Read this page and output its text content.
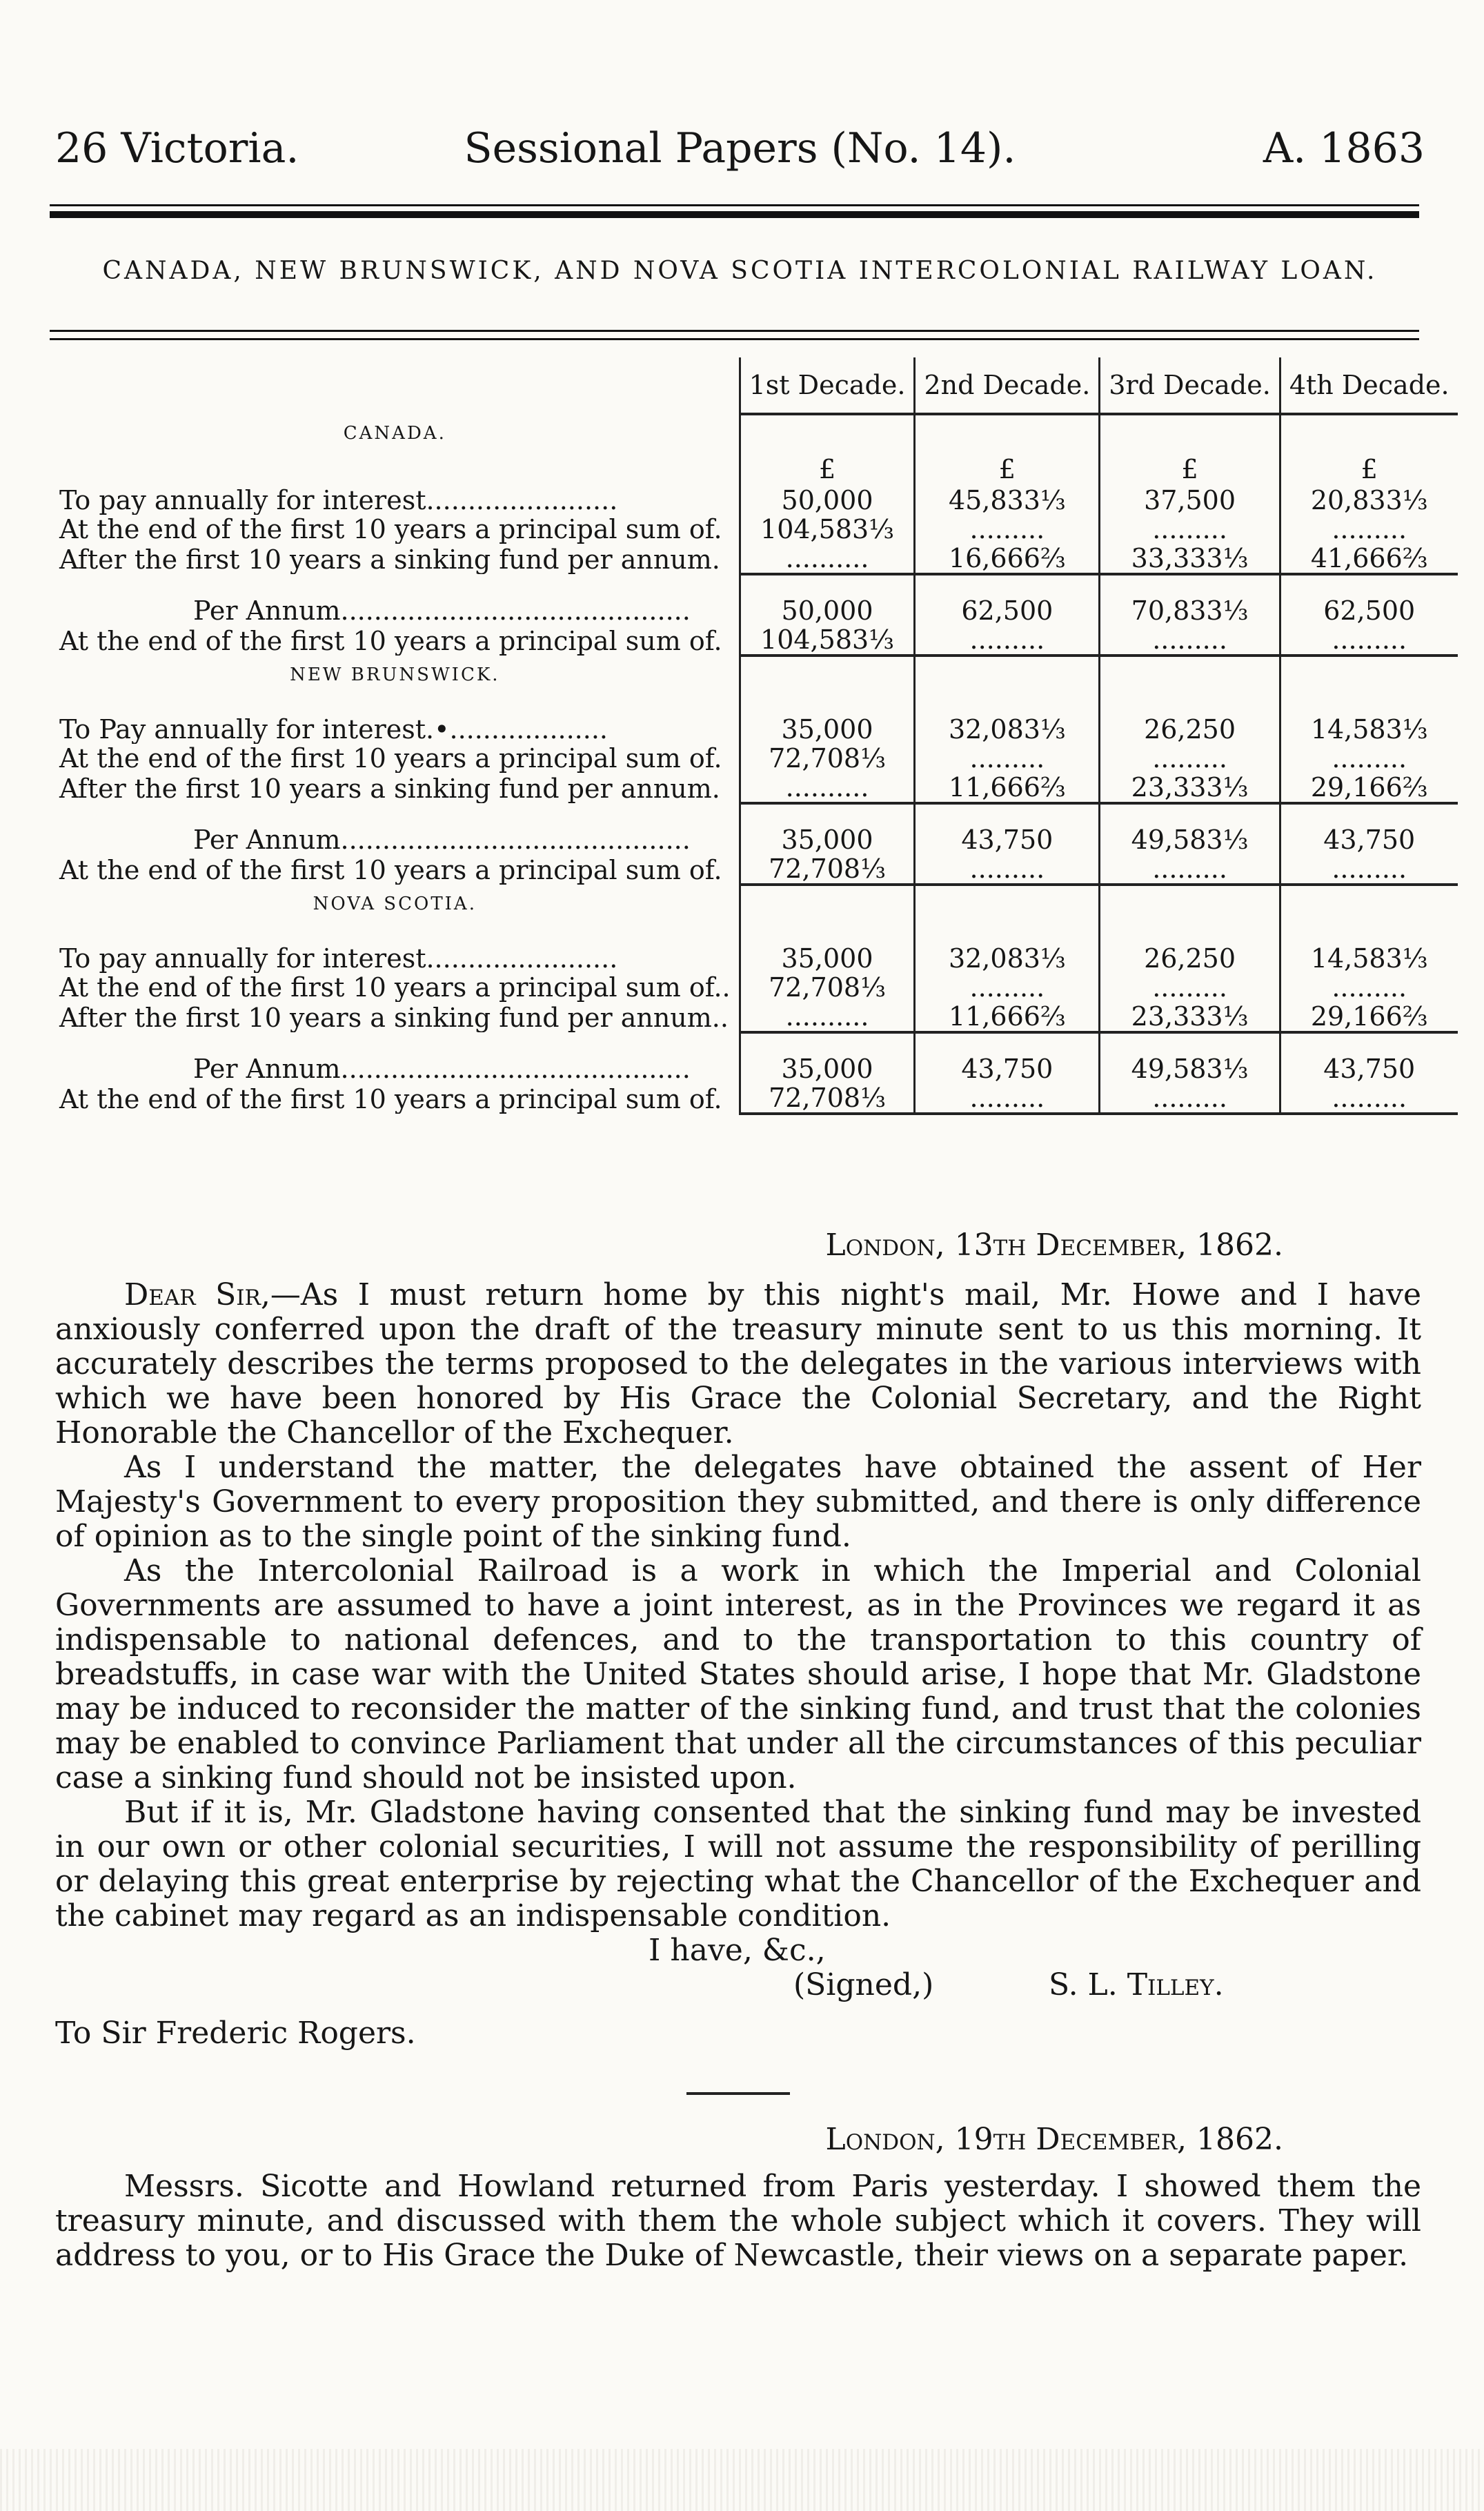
26 Victoria.	Sessional Papers (No. 14).	A. 1863
CANADA, NEW BRUNSWICK, AND NOVA SCOTIA INTERCOLONIAL RAILWAY LOAN.
	1st Decade.	2nd Decade.	3rd Decade.	4th Decade.
CANADA.				
	£	£	£	£
To pay annually for interest.......................	50,000	45,833⅓	37,500	20,833⅓
At the end of the first 10 years a principal sum of.	104,583⅓	.........	.........	.........
After the first 10 years a sinking fund per annum.	..........	16,666⅔	33,333⅓	41,666⅔

Per Annum..........................................	50,000	62,500	70,833⅓	62,500
At the end of the first 10 years a principal sum of.	104,583⅓	.........	.........	.........
NEW BRUNSWICK.				

To Pay annually for interest.•...................	35,000	32,083⅓	26,250	14,583⅓
At the end of the first 10 years a principal sum of.	72,708⅓	.........	.........	.........
After the first 10 years a sinking fund per annum.	..........	11,666⅔	23,333⅓	29,166⅔

Per Annum..........................................	35,000	43,750	49,583⅓	43,750
At the end of the first 10 years a principal sum of.	72,708⅓	.........	.........	.........
NOVA SCOTIA.				

To pay annually for interest.......................	35,000	32,083⅓	26,250	14,583⅓
At the end of the first 10 years a principal sum of..	72,708⅓	.........	.........	.........
After the first 10 years a sinking fund per annum..	..........	11,666⅔	23,333⅓	29,166⅔

Per Annum..........................................	35,000	43,750	49,583⅓	43,750
At the end of the first 10 years a principal sum of.	72,708⅓	.........	.........	.........

London, 13th December, 1862.

Dear Sir,—As I must return home by this night's mail, Mr. Howe and I have anxiously conferred upon the draft of the treasury minute sent to us this morning. It accurately describes the terms proposed to the delegates in the various interviews with which we have been honored by His Grace the Colonial Secretary, and the Right Honorable the Chancellor of the Exchequer.

As I understand the matter, the delegates have obtained the assent of Her Majesty's Government to every proposition they submitted, and there is only difference of opinion as to the single point of the sinking fund.

As the Intercolonial Railroad is a work in which the Imperial and Colonial Governments are assumed to have a joint interest, as in the Provinces we regard it as indispensable to national defences, and to the transportation to this country of breadstuffs, in case war with the United States should arise, I hope that Mr. Gladstone may be induced to reconsider the matter of the sinking fund, and trust that the colonies may be enabled to convince Parliament that under all the circumstances of this peculiar case a sinking fund should not be insisted upon.

But if it is, Mr. Gladstone having consented that the sinking fund may be invested in our own or other colonial securities, I will not assume the responsibility of perilling or delaying this great enterprise by rejecting what the Chancellor of the Exchequer and the cabinet may regard as an indispensable condition.

I have, &c.,

(Signed,)	S. L. Tilley.

To Sir Frederic Rogers.

London, 19th December, 1862.

Messrs. Sicotte and Howland returned from Paris yesterday. I showed them the treasury minute, and discussed with them the whole subject which it covers. They will address to you, or to His Grace the Duke of Newcastle, their views on a separate paper.
